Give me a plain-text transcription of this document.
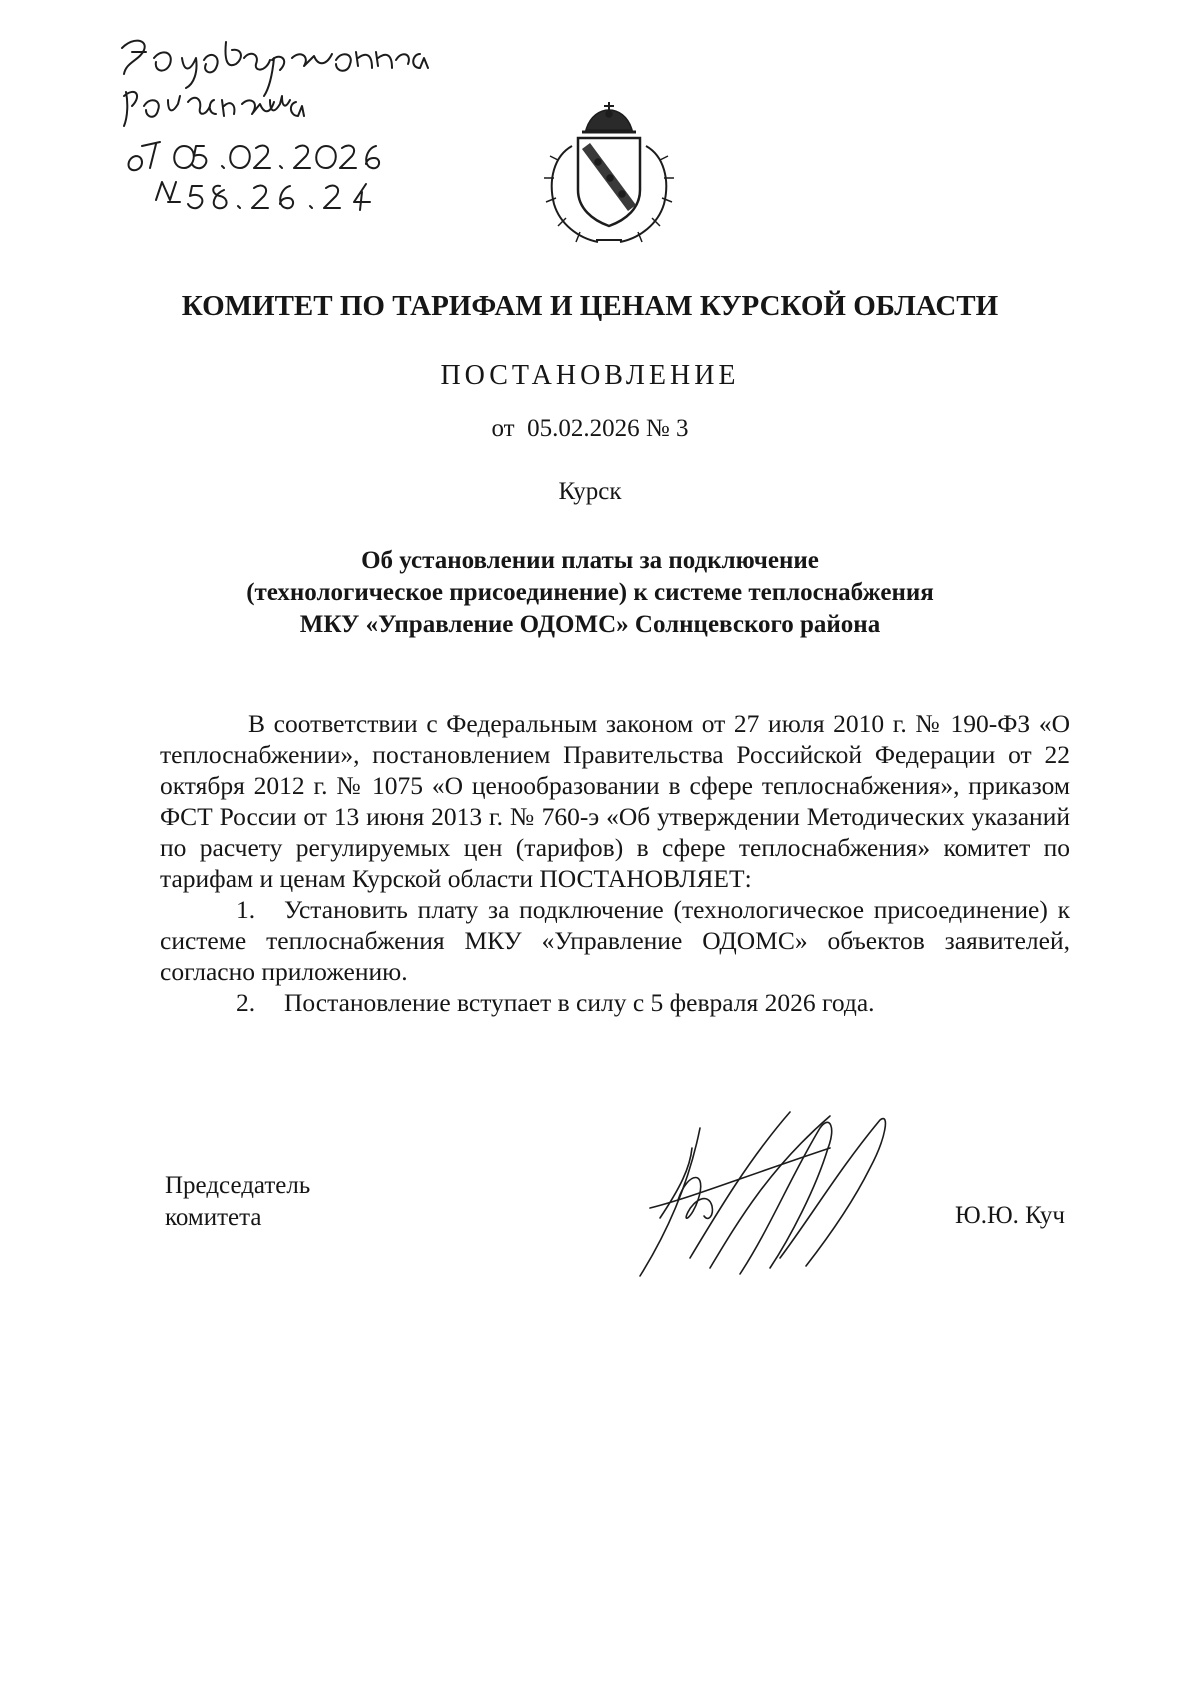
КОМИТЕТ ПО ТАРИФАМ И ЦЕНАМ КУРСКОЙ ОБЛАСТИ
ПОСТАНОВЛЕНИЕ
от  05.02.2026 № 3
Курск
Об установлении платы за подключение
(технологическое присоединение) к системе теплоснабжения
МКУ «Управление ОДОМС» Солнцевского района

В соответствии с Федеральным законом от 27 июля 2010 г. № 190-ФЗ «О теплоснабжении», постановлением Правительства Российской Федерации от 22 октября 2012 г. № 1075 «О ценообразовании в сфере теплоснабжения», приказом ФСТ России от 13 июня 2013 г. № 760-э «Об утверждении Методических указаний по расчету регулируемых цен (тарифов) в сфере теплоснабжения» комитет по тарифам и ценам Курской области ПОСТАНОВЛЯЕТ:

1. Установить плату за подключение (технологическое присоединение) к системе теплоснабжения МКУ «Управление ОДОМС» объектов заявителей, согласно приложению.

2. Постановление вступает в силу с 5 февраля 2026 года.

Председатель
комитета	Ю.Ю. Куч
